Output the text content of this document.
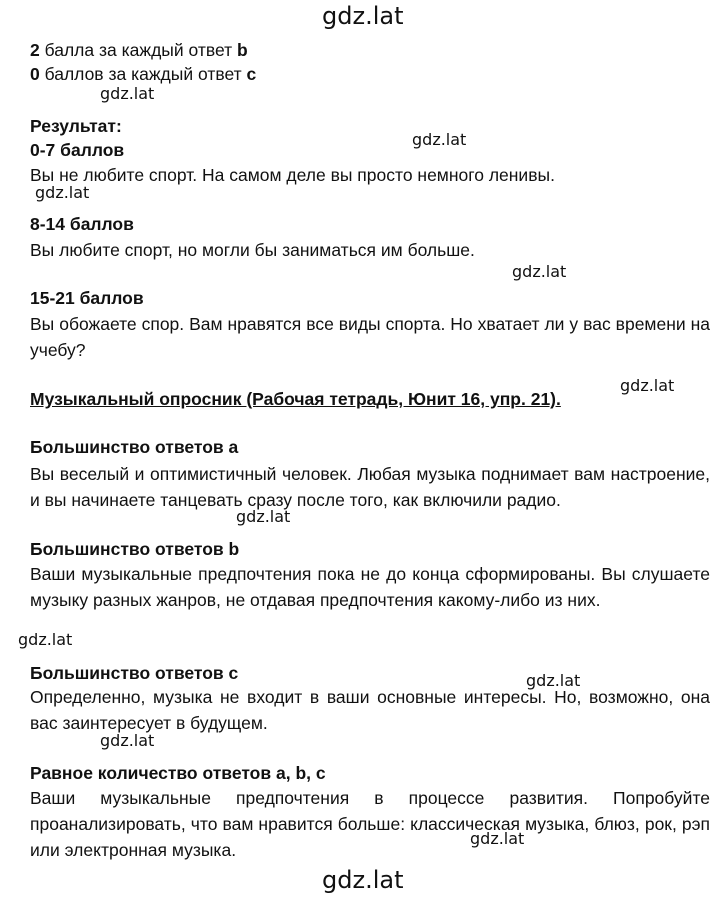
gdz.lat
2 балла за каждый ответ b
0 баллов за каждый ответ c
gdz.lat
Результат:
gdz.lat
0-7 баллов
Вы не любите спорт. На самом деле вы просто немного ленивы.
gdz.lat
8-14 баллов
Вы любите спорт, но могли бы заниматься им больше.
gdz.lat
15-21 баллов
Вы обожаете спор. Вам нравятся все виды спорта. Но хватает ли у вас времени на учебу?
Музыкальный опросник (Рабочая тетрадь, Юнит 16, упр. 21).
gdz.lat
Большинство ответов а
Вы веселый и оптимистичный человек. Любая музыка поднимает вам настроение, и вы начинаете танцевать сразу после того, как включили радио.
gdz.lat
Большинство ответов b
Ваши музыкальные предпочтения пока не до конца сформированы. Вы слушаете музыку разных жанров, не отдавая предпочтения какому-либо из них.
gdz.lat
Большинство ответов c	gdz.lat
Определенно, музыка не входит в ваши основные интересы. Но, возможно, она вас заинтересует в будущем.
gdz.lat
Равное количество ответов a, b, c
Ваши музыкальные предпочтения в процессе развития. Попробуйте проанализировать, что вам нравится больше: классическая музыка, блюз, рок, рэп или электронная музыка.
gdz.lat
gdz.lat
